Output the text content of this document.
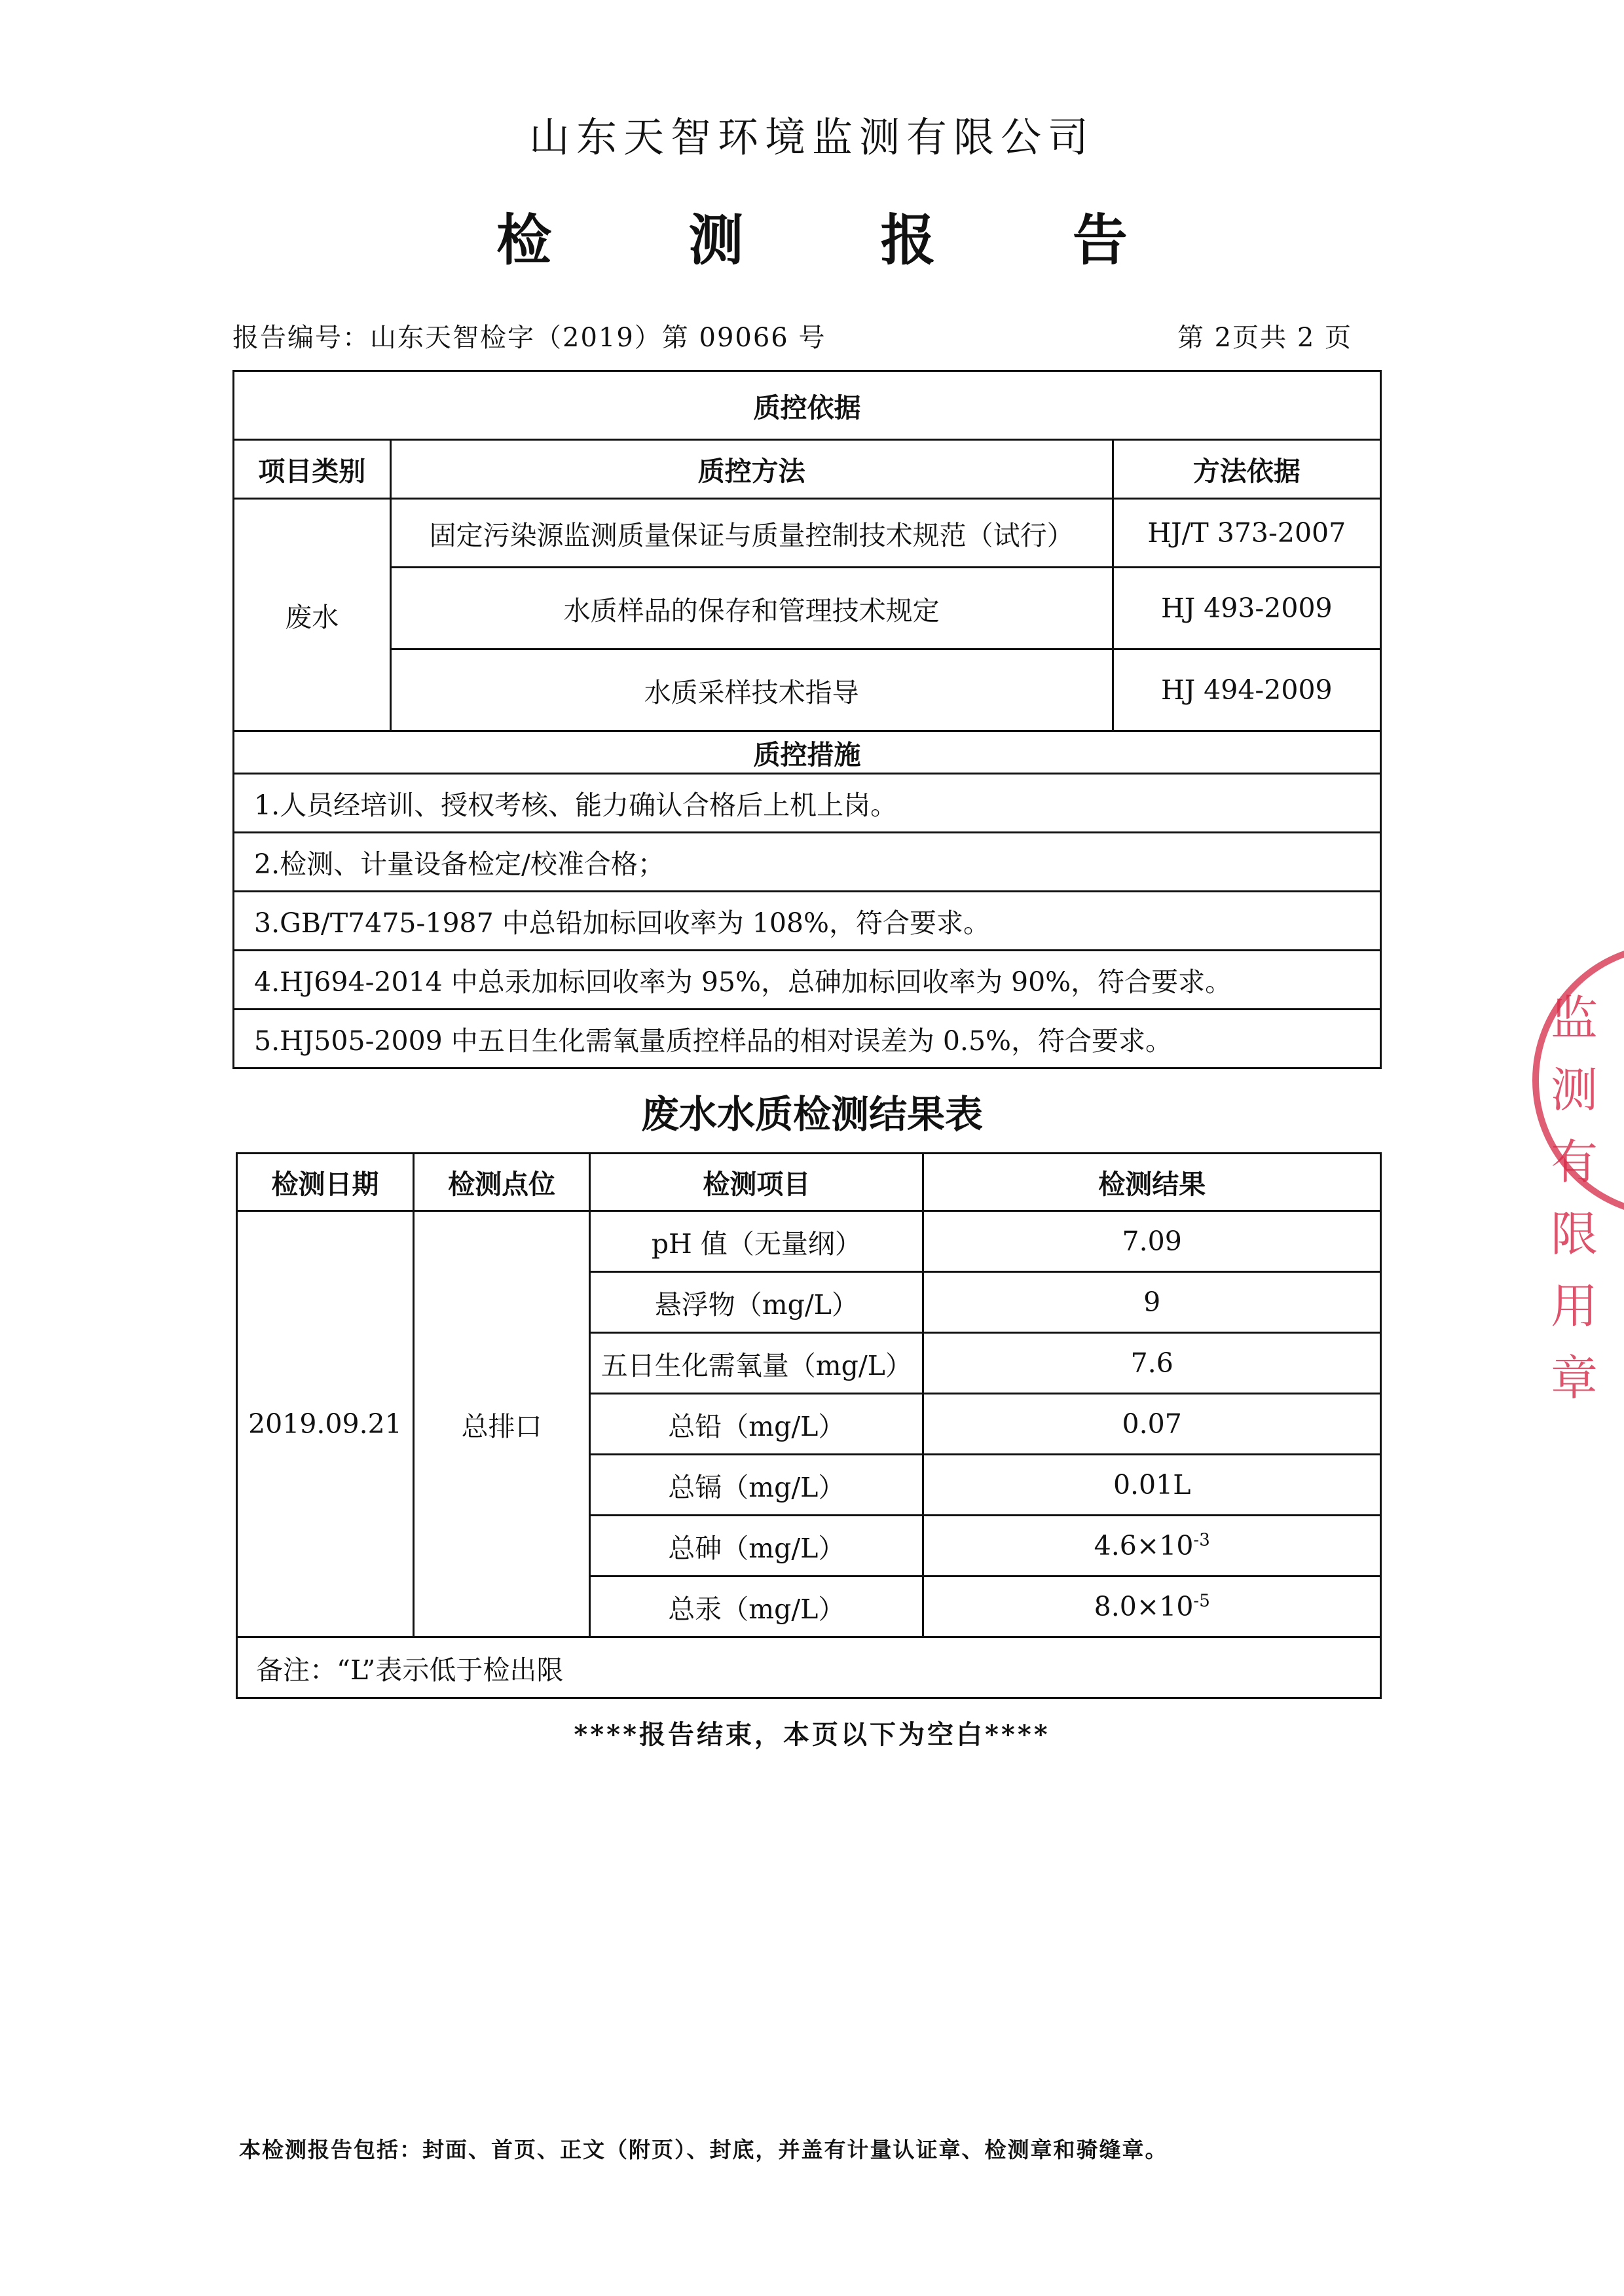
山东天智环境监测有限公司
检 测 报 告
报告编号：山东天智检字（2019）第 09066 号	第 2页共 2 页
质控依据		
项目类别	质控方法	方法依据
废水	固定污染源监测质量保证与质量控制技术规范（试行）	HJ/T 373-2007
	水质样品的保存和管理技术规定	HJ 493-2009
	水质采样技术指导	HJ 494-2009
质控措施		
1.人员经培训、授权考核、能力确认合格后上机上岗。		
2.检测、计量设备检定/校准合格；		
3.GB/T7475-1987 中总铅加标回收率为 108%，符合要求。		
4.HJ694-2014 中总汞加标回收率为 95%，总砷加标回收率为 90%，符合要求。		
5.HJ505-2009 中五日生化需氧量质控样品的相对误差为 0.5%，符合要求。		
废水水质检测结果表
检测日期	检测点位	检测项目	检测结果
2019.09.21	总排口	pH 值（无量纲）	7.09
		悬浮物（mg/L）	9
		五日生化需氧量（mg/L）	7.6
		总铅（mg/L）	0.07
		总镉（mg/L）	0.01L
		总砷（mg/L）	$4.6\times 10^{-3}$
		总汞（mg/L）	$8.0\times 10^{-5}$
备注：“L”表示低于检出限			
****报告结束，本页以下为空白****
本检测报告包括：封面、首页、正文（附页）、封底，并盖有计量认证章、检测章和骑缝章。
监测有限用章
